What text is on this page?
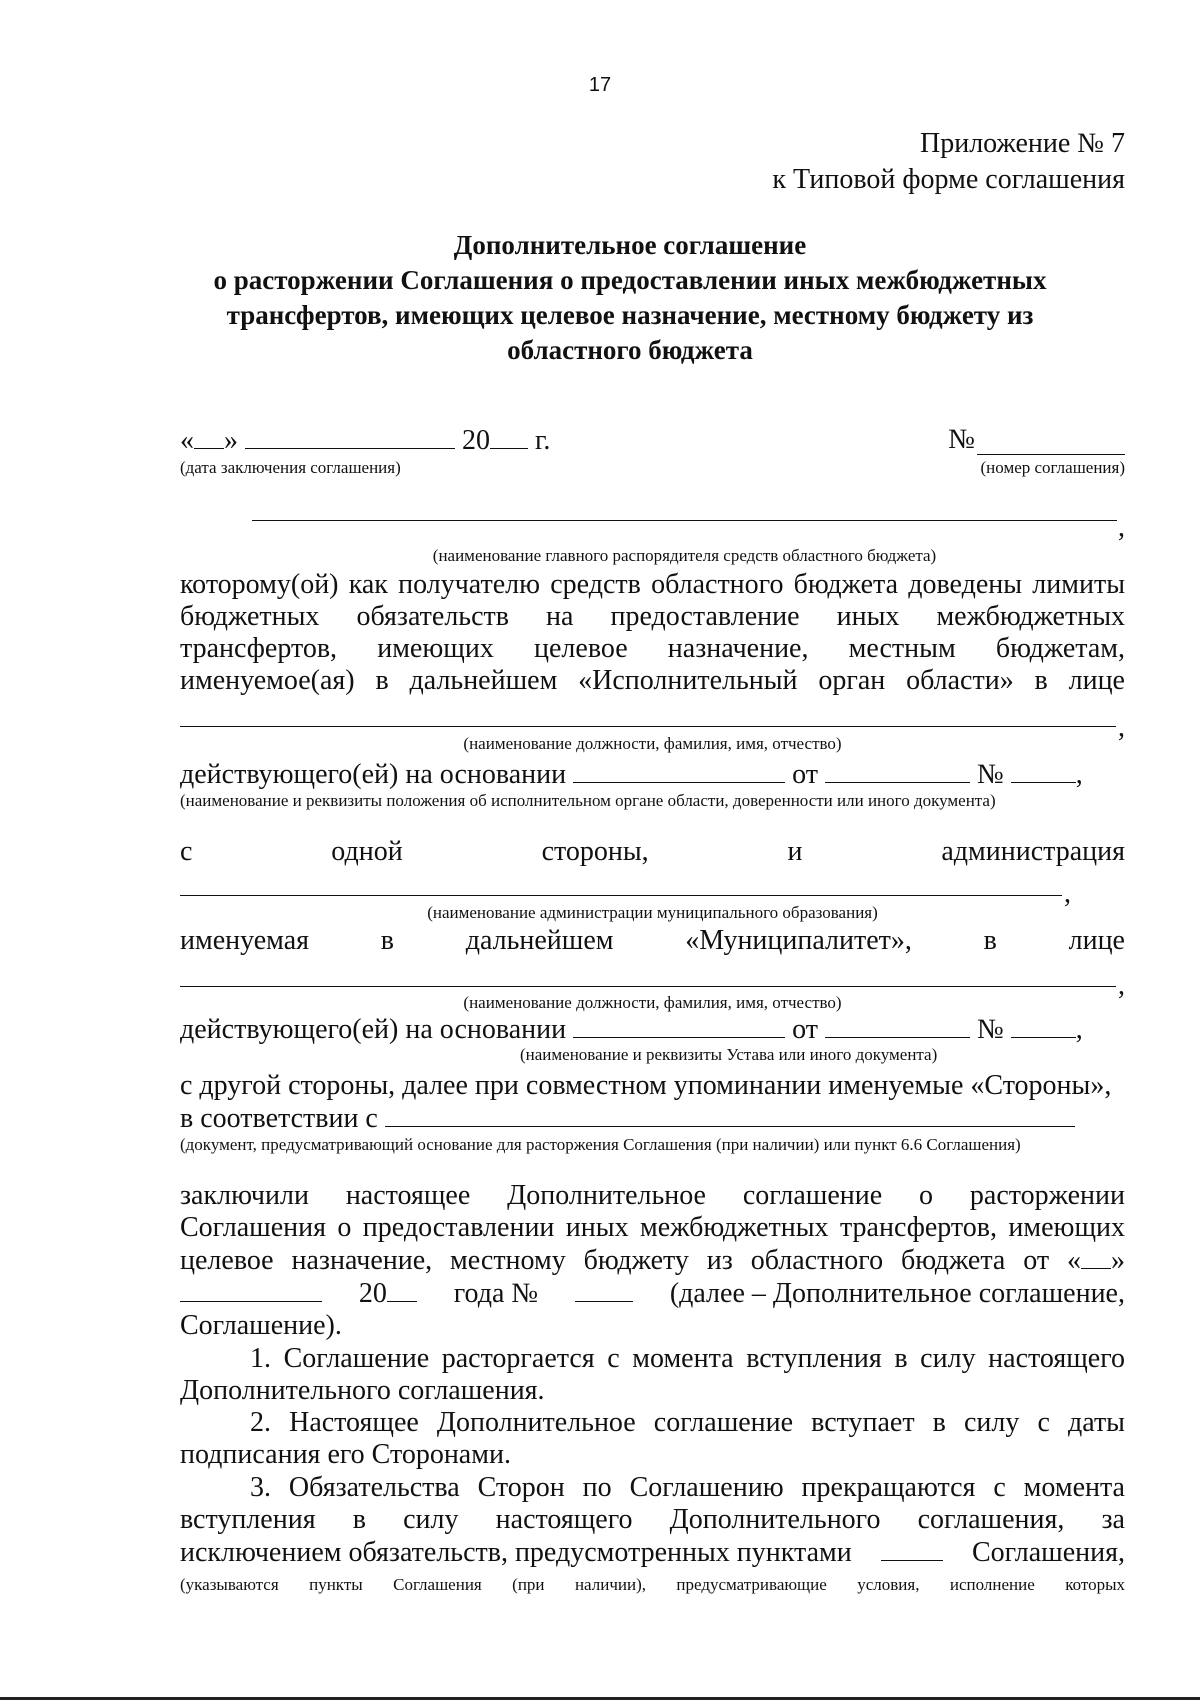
17
Приложение № 7
к Типовой форме соглашения
Дополнительное соглашение
о расторжении Соглашения о предоставлении иных межбюджетных
трансфертов, имеющих целевое назначение, местному бюджету из
областного бюджета
« »	20 г.	№
(дата заключения соглашения)	(номер соглашения)
,
(наименование главного распорядителя средств областного бюджета)
которому(ой) как получателю средств областного бюджета доведены лимиты
бюджетных обязательств на предоставление иных межбюджетных
трансфертов, имеющих целевое назначение, местным бюджетам,
именуемое(ая) в дальнейшем «Исполнительный орган области» в лице
,
(наименование должности, фамилия, имя, отчество)
действующего(ей) на основании	от	№	,
(наименование и реквизиты положения об исполнительном органе области, доверенности или иного документа)
с одной стороны, и администрация
,
(наименование администрации муниципального образования)
именуемая в дальнейшем «Муниципалитет», в лице
,
(наименование должности, фамилия, имя, отчество)
действующего(ей) на основании	от	№	,
(наименование и реквизиты Устава или иного документа)
с другой стороны, далее при совместном упоминании именуемые «Стороны»,
в соответствии с
(документ, предусматривающий основание для расторжения Соглашения (при наличии) или пункт 6.6 Соглашения)
заключили настоящее Дополнительное соглашение о расторжении
Соглашения о предоставлении иных межбюджетных трансфертов, имеющих
целевое назначение, местному бюджету из областного бюджета от « »
20	года №	(далее – Дополнительное соглашение,
Соглашение).
1. Соглашение расторгается с момента вступления в силу настоящего
Дополнительного соглашения.
2. Настоящее Дополнительное соглашение вступает в силу с даты
подписания его Сторонами.
3. Обязательства Сторон по Соглашению прекращаются с момента
вступления в силу настоящего Дополнительного соглашения, за
исключением обязательств, предусмотренных пунктами	Соглашения,
(указываются пункты Соглашения (при наличии), предусматривающие условия, исполнение которых
